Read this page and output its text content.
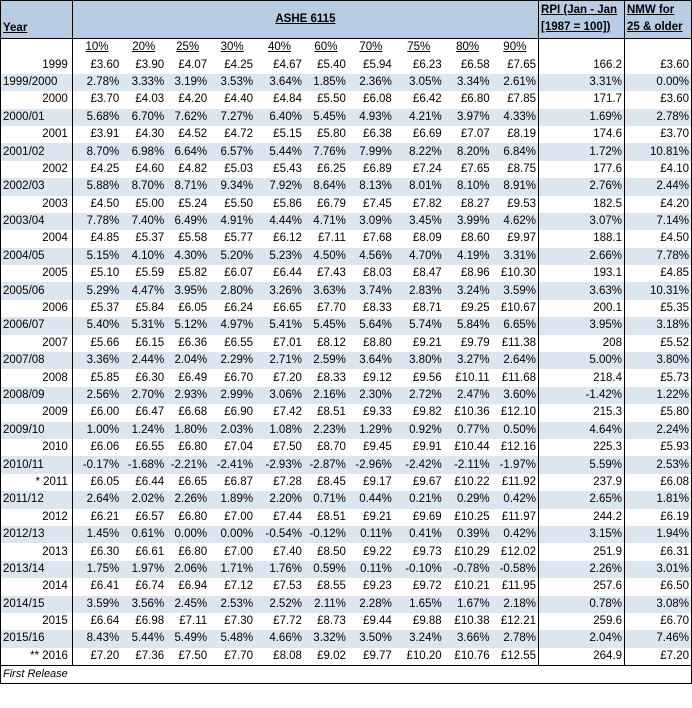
Year	ASHE 6115										RPI (Jan - Jan
[1987 = 100])	NMW for
25 & older
	10%	20%	25%	30%	40%	60%	70%	75%	80%	90%		
1999	£3.60	£3.90	£4.07	£4.25	£4.67	£5.40	£5.94	£6.23	£6.58	£7.65	166.2	£3.60
1999/2000	2.78%	3.33%	3.19%	3.53%	3.64%	1.85%	2.36%	3.05%	3.34%	2.61%	3.31%	0.00%
2000	£3.70	£4.03	£4.20	£4.40	£4.84	£5.50	£6.08	£6.42	£6.80	£7.85	171.7	£3.60
2000/01	5.68%	6.70%	7.62%	7.27%	6.40%	5.45%	4.93%	4.21%	3.97%	4.33%	1.69%	2.78%
2001	£3.91	£4.30	£4.52	£4.72	£5.15	£5.80	£6.38	£6.69	£7.07	£8.19	174.6	£3.70
2001/02	8.70%	6.98%	6.64%	6.57%	5.44%	7.76%	7.99%	8.22%	8.20%	6.84%	1.72%	10.81%
2002	£4.25	£4.60	£4.82	£5.03	£5.43	£6.25	£6.89	£7.24	£7.65	£8.75	177.6	£4.10
2002/03	5.88%	8.70%	8.71%	9.34%	7.92%	8.64%	8.13%	8.01%	8.10%	8.91%	2.76%	2.44%
2003	£4.50	£5.00	£5.24	£5.50	£5.86	£6.79	£7.45	£7.82	£8.27	£9.53	182.5	£4.20
2003/04	7.78%	7.40%	6.49%	4.91%	4.44%	4.71%	3.09%	3.45%	3.99%	4.62%	3.07%	7.14%
2004	£4.85	£5.37	£5.58	£5.77	£6.12	£7.11	£7.68	£8.09	£8.60	£9.97	188.1	£4.50
2004/05	5.15%	4.10%	4.30%	5.20%	5.23%	4.50%	4.56%	4.70%	4.19%	3.31%	2.66%	7.78%
2005	£5.10	£5.59	£5.82	£6.07	£6.44	£7.43	£8.03	£8.47	£8.96	£10.30	193.1	£4.85
2005/06	5.29%	4.47%	3.95%	2.80%	3.26%	3.63%	3.74%	2.83%	3.24%	3.59%	3.63%	10.31%
2006	£5.37	£5.84	£6.05	£6.24	£6.65	£7.70	£8.33	£8.71	£9.25	£10.67	200.1	£5.35
2006/07	5.40%	5.31%	5.12%	4.97%	5.41%	5.45%	5.64%	5.74%	5.84%	6.65%	3.95%	3.18%
2007	£5.66	£6.15	£6.36	£6.55	£7.01	£8.12	£8.80	£9.21	£9.79	£11.38	208	£5.52
2007/08	3.36%	2.44%	2.04%	2.29%	2.71%	2.59%	3.64%	3.80%	3.27%	2.64%	5.00%	3.80%
2008	£5.85	£6.30	£6.49	£6.70	£7.20	£8.33	£9.12	£9.56	£10.11	£11.68	218.4	£5.73
2008/09	2.56%	2.70%	2.93%	2.99%	3.06%	2.16%	2.30%	2.72%	2.47%	3.60%	-1.42%	1.22%
2009	£6.00	£6.47	£6.68	£6.90	£7.42	£8.51	£9.33	£9.82	£10.36	£12.10	215.3	£5.80
2009/10	1.00%	1.24%	1.80%	2.03%	1.08%	2.23%	1.29%	0.92%	0.77%	0.50%	4.64%	2.24%
2010	£6.06	£6.55	£6.80	£7.04	£7.50	£8.70	£9.45	£9.91	£10.44	£12.16	225.3	£5.93
2010/11	-0.17%	-1.68%	-2.21%	-2.41%	-2.93%	-2.87%	-2.96%	-2.42%	-2.11%	-1.97%	5.59%	2.53%
* 2011	£6.05	£6.44	£6.65	£6.87	£7.28	£8.45	£9.17	£9.67	£10.22	£11.92	237.9	£6.08
2011/12	2.64%	2.02%	2.26%	1.89%	2.20%	0.71%	0.44%	0.21%	0.29%	0.42%	2.65%	1.81%
2012	£6.21	£6.57	£6.80	£7.00	£7.44	£8.51	£9.21	£9.69	£10.25	£11.97	244.2	£6.19
2012/13	1.45%	0.61%	0.00%	0.00%	-0.54%	-0.12%	0.11%	0.41%	0.39%	0.42%	3.15%	1.94%
2013	£6.30	£6.61	£6.80	£7.00	£7.40	£8.50	£9.22	£9.73	£10.29	£12.02	251.9	£6.31
2013/14	1.75%	1.97%	2.06%	1.71%	1.76%	0.59%	0.11%	-0.10%	-0.78%	-0.58%	2.26%	3.01%
2014	£6.41	£6.74	£6.94	£7.12	£7.53	£8.55	£9.23	£9.72	£10.21	£11.95	257.6	£6.50
2014/15	3.59%	3.56%	2.45%	2.53%	2.52%	2.11%	2.28%	1.65%	1.67%	2.18%	0.78%	3.08%
2015	£6.64	£6.98	£7.11	£7.30	£7.72	£8.73	£9.44	£9.88	£10.38	£12.21	259.6	£6.70
2015/16	8.43%	5.44%	5.49%	5.48%	4.66%	3.32%	3.50%	3.24%	3.66%	2.78%	2.04%	7.46%
** 2016	£7.20	£7.36	£7.50	£7.70	£8.08	£9.02	£9.77	£10.20	£10.76	£12.55	264.9	£7.20
First Release												
